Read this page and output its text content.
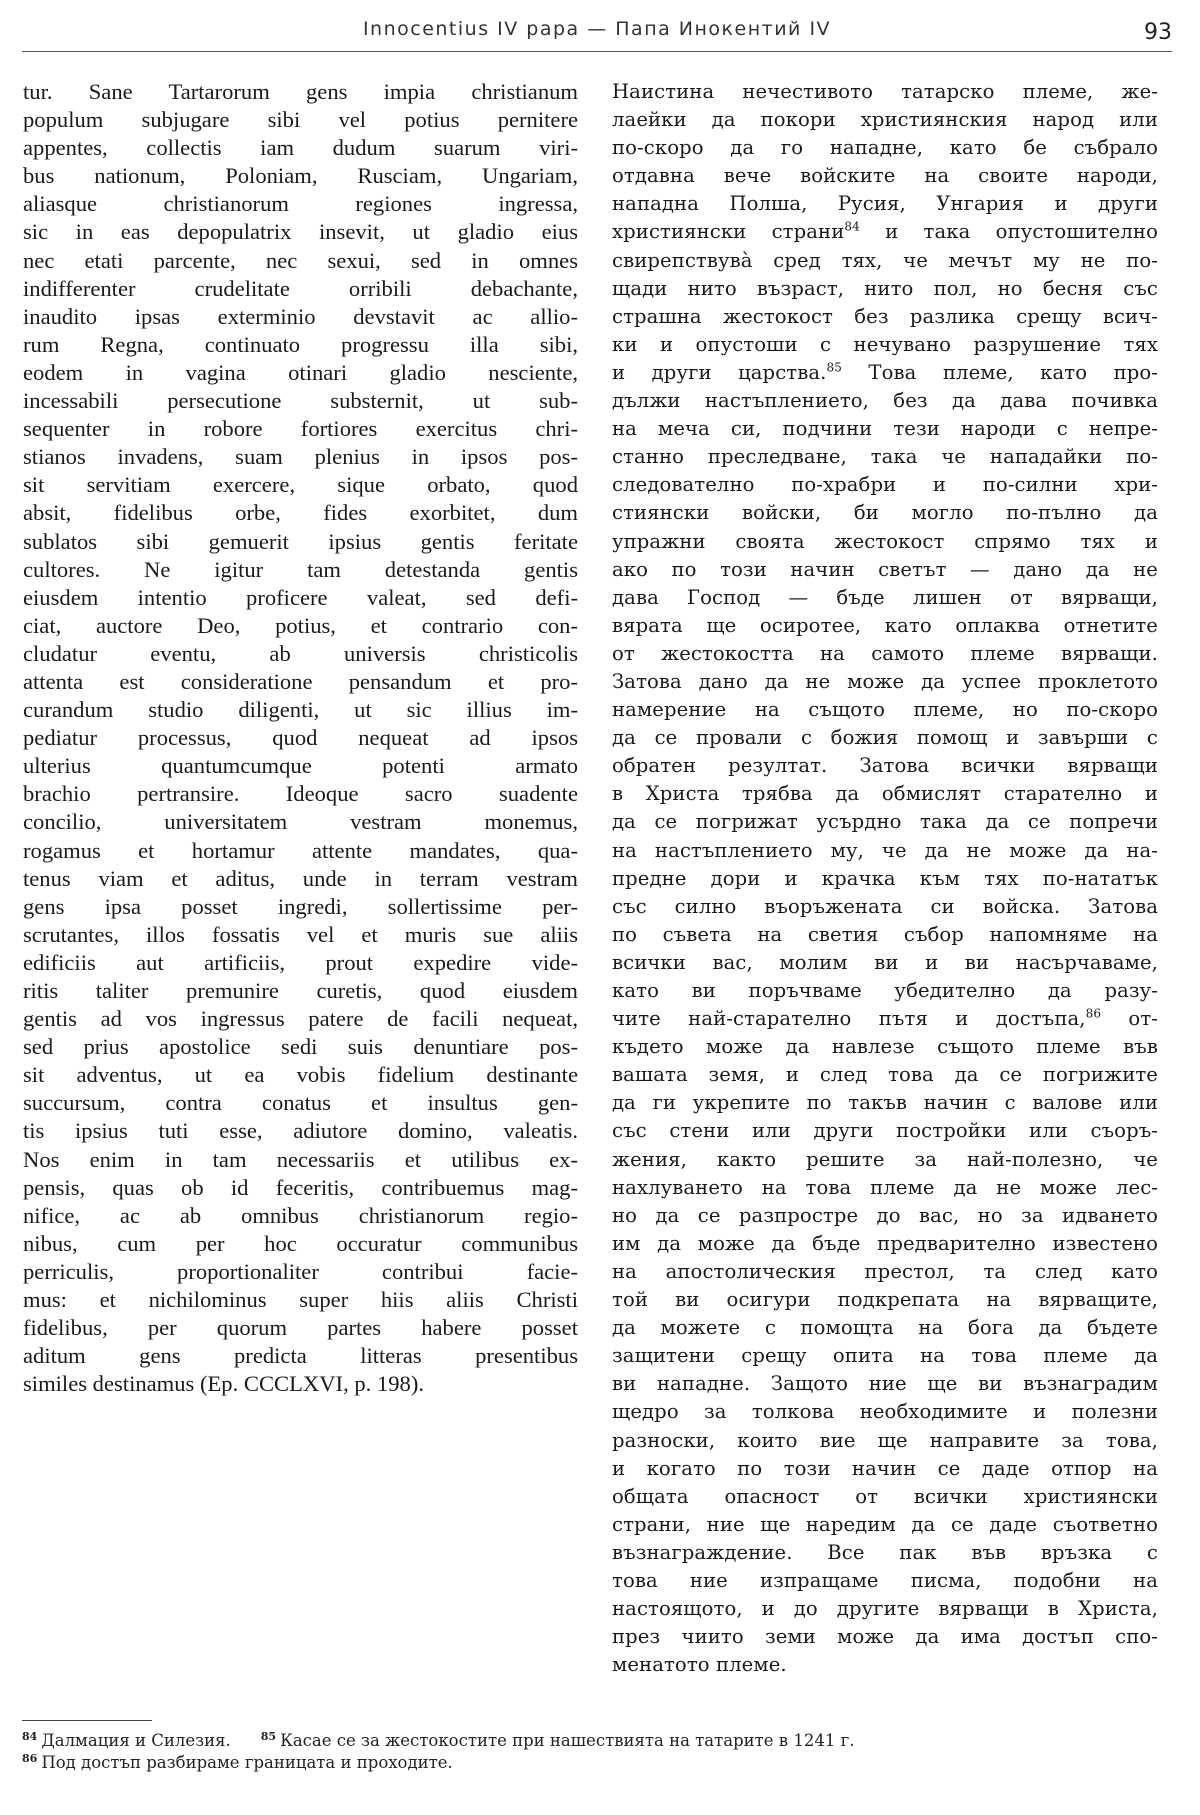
Innocentius IV papa — Папа Инокентий IV	93
tur. Sane Tartarorum gens impia christianum
populum subjugare sibi vel potius pernitere
appentes, collectis iam dudum suarum viri-
bus nationum, Poloniam, Rusciam, Ungariam,
aliasque christianorum regiones ingressa,
sic in eas depopulatrix insevit, ut gladio eius
nec etati parcente, nec sexui, sed in omnes
indifferenter crudelitate orribili debachante,
inaudito ipsas exterminio devstavit ac allio-
rum Regna, continuato progressu illa sibi,
eodem in vagina otinari gladio nesciente,
incessabili persecutione substernit, ut sub-
sequenter in robore fortiores exercitus chri-
stianos invadens, suam plenius in ipsos pos-
sit servitiam exercere, sique orbato, quod
absit, fidelibus orbe, fides exorbitet, dum
sublatos sibi gemuerit ipsius gentis feritate
cultores. Ne igitur tam detestanda gentis
eiusdem intentio proficere valeat, sed defi-
ciat, auctore Deo, potius, et contrario con-
cludatur eventu, ab universis christicolis
attenta est consideratione pensandum et pro-
curandum studio diligenti, ut sic illius im-
pediatur processus, quod nequeat ad ipsos
ulterius quantumcumque potenti armato
brachio pertransire. Ideoque sacro suadente
concilio, universitatem vestram monemus,
rogamus et hortamur attente mandates, qua-
tenus viam et aditus, unde in terram vestram
gens ipsa posset ingredi, sollertissime per-
scrutantes, illos fossatis vel et muris sue aliis
edificiis aut artificiis, prout expedire vide-
ritis taliter premunire curetis, quod eiusdem
gentis ad vos ingressus patere de facili nequeat,
sed prius apostolice sedi suis denuntiare pos-
sit adventus, ut ea vobis fidelium destinante
succursum, contra conatus et insultus gen-
tis ipsius tuti esse, adiutore domino, valeatis.
Nos enim in tam necessariis et utilibus ex-
pensis, quas ob id feceritis, contribuemus mag-
nifice, ac ab omnibus christianorum regio-
nibus, cum per hoc occuratur communibus
perriculis, proportionaliter contribui facie-
mus: et nichilominus super hiis aliis Christi
fidelibus, per quorum partes habere posset
aditum gens predicta litteras presentibus
similes destinamus (Ep. CCCLXVI, p. 198).
Наистина нечестивото татарско племе, же-
лаейки да покори християнския народ или
по-скоро да го нападне, като бе събрало
отдавна вече войските на своите народи,
нападна Полша, Русия, Унгария и други
християнски страни$^{84}$ и така опустошително
свирепствувà сред тях, че мечът му не по-
щади нито възраст, нито пол, но бесня със
страшна жестокост без разлика срещу всич-
ки и опустоши с нечувано разрушение тях
и други царства.$^{85}$ Това племе, като про-
дължи настъплението, без да дава почивка
на меча си, подчини тези народи с непре-
станно преследване, така че нападайки по-
следователно по-храбри и по-силни хри-
стиянски войски, би могло по-пълно да
упражни своята жестокост спрямо тях и
ако по този начин светът — дано да не
дава Господ — бъде лишен от вярващи,
вярата ще осиротее, като оплаква отнетите
от жестокостта на самото племе вярващи.
Затова дано да не може да успее проклетото
намерение на същото племе, но по-скоро
да се провали с божия помощ и завърши с
обратен резултат. Затова всички вярващи
в Христа трябва да обмислят старателно и
да се погрижат усърдно така да се попречи
на настъплението му, че да не може да на-
предне дори и крачка към тях по-нататък
със силно въоръжената си войска. Затова
по съвета на светия събор напомняме на
всички вас, молим ви и ви насърчаваме,
като ви поръчваме убедително да разу-
чите най-старателно пътя и достъпа,$^{86}$ от-
където може да навлезе същото племе във
вашата земя, и след това да се погрижите
да ги укрепите по такъв начин с валове или
със стени или други постройки или съоръ-
жения, както решите за най-полезно, че
нахлуването на това племе да не може лес-
но да се разпростре до вас, но за идването
им да може да бъде предварително известено
на апостолическия престол, та след като
той ви осигури подкрепата на вярващите,
да можете с помощта на бога да бъдете
защитени срещу опита на това племе да
ви нападне. Защото ние ще ви възнаградим
щедро за толкова необходимите и полезни
разноски, които вие ще направите за това,
и когато по този начин се даде отпор на
общата опасност от всички християнски
страни, ние ще наредим да се даде съответно
възнаграждение. Все пак във връзка с
това ние изпращаме писма, подобни на
настоящото, и до другите вярващи в Христа,
през чиито земи може да има достъп спо-
менатото племе.
$^{84}$ Далмация и Силезия.	$^{85}$ Касае се за жестокостите при нашествията на татарите в 1241 г.
$^{86}$ Под достъп разбираме границата и проходите.
